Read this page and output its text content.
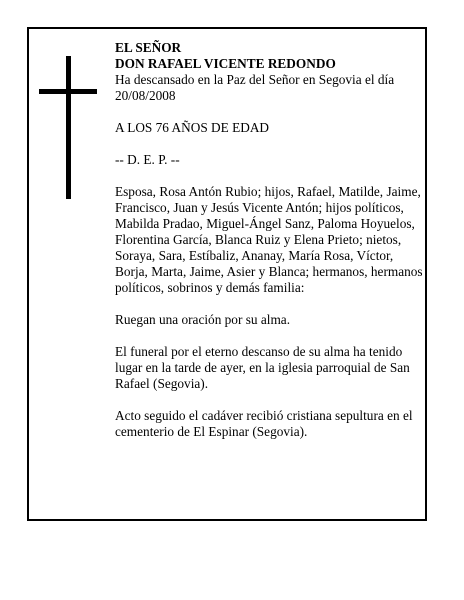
EL SEÑOR
DON RAFAEL VICENTE REDONDO

Ha descansado en la Paz del Señor en Segovia el día 20/08/2008

A LOS 76 AÑOS DE EDAD

-- D. E. P. --

Esposa, Rosa Antón Rubio; hijos, Rafael, Matilde, Jaime, Francisco, Juan y Jesús Vicente Antón; hijos políticos, Mabilda Pradao, Miguel-Ángel Sanz, Paloma Hoyuelos, Florentina García, Blanca Ruiz y Elena Prieto; nietos, Soraya, Sara, Estíbaliz, Ananay, María Rosa, Víctor, Borja, Marta, Jaime, Asier y Blanca; hermanos, hermanos políticos, sobrinos y demás familia:

Ruegan una oración por su alma.

El funeral por el eterno descanso de su alma ha tenido lugar en la tarde de ayer, en la iglesia parroquial de San Rafael (Segovia).

Acto seguido el cadáver recibió cristiana sepultura en el cementerio de El Espinar (Segovia).
